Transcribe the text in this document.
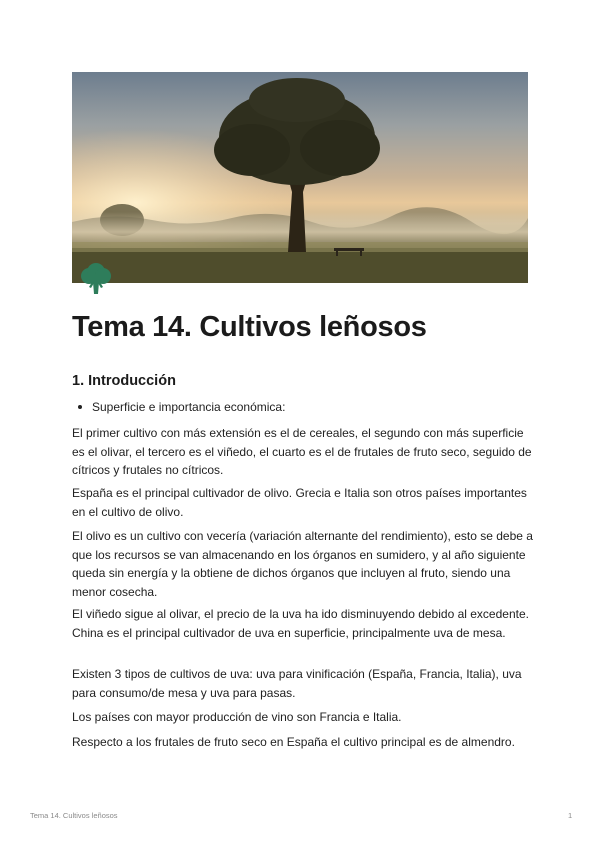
Tema 14. Cultivos leñosos
1. Introducción

Superficie e importancia económica:

El primer cultivo con más extensión es el de cereales, el segundo con más superficie es el olivar, el tercero es el viñedo, el cuarto es el de frutales de fruto seco, seguido de cítricos y frutales no cítricos.

España es el principal cultivador de olivo. Grecia e Italia son otros países importantes en el cultivo de olivo.

El olivo es un cultivo con vecería (variación alternante del rendimiento), esto se debe a que los recursos se van almacenando en los órganos en sumidero, y al año siguiente queda sin energía y la obtiene de dichos órganos que incluyen al fruto, siendo una menor cosecha.

El viñedo sigue al olivar, el precio de la uva ha ido disminuyendo debido al excedente. China es el principal cultivador de uva en superficie, principalmente uva de mesa.

Existen 3 tipos de cultivos de uva: uva para vinificación (España, Francia, Italia), uva para consumo/de mesa y uva para pasas.

Los países con mayor producción de vino son Francia e Italia.

Respecto a los frutales de fruto seco en España el cultivo principal es de almendro.

Tema 14. Cultivos leñosos	1
